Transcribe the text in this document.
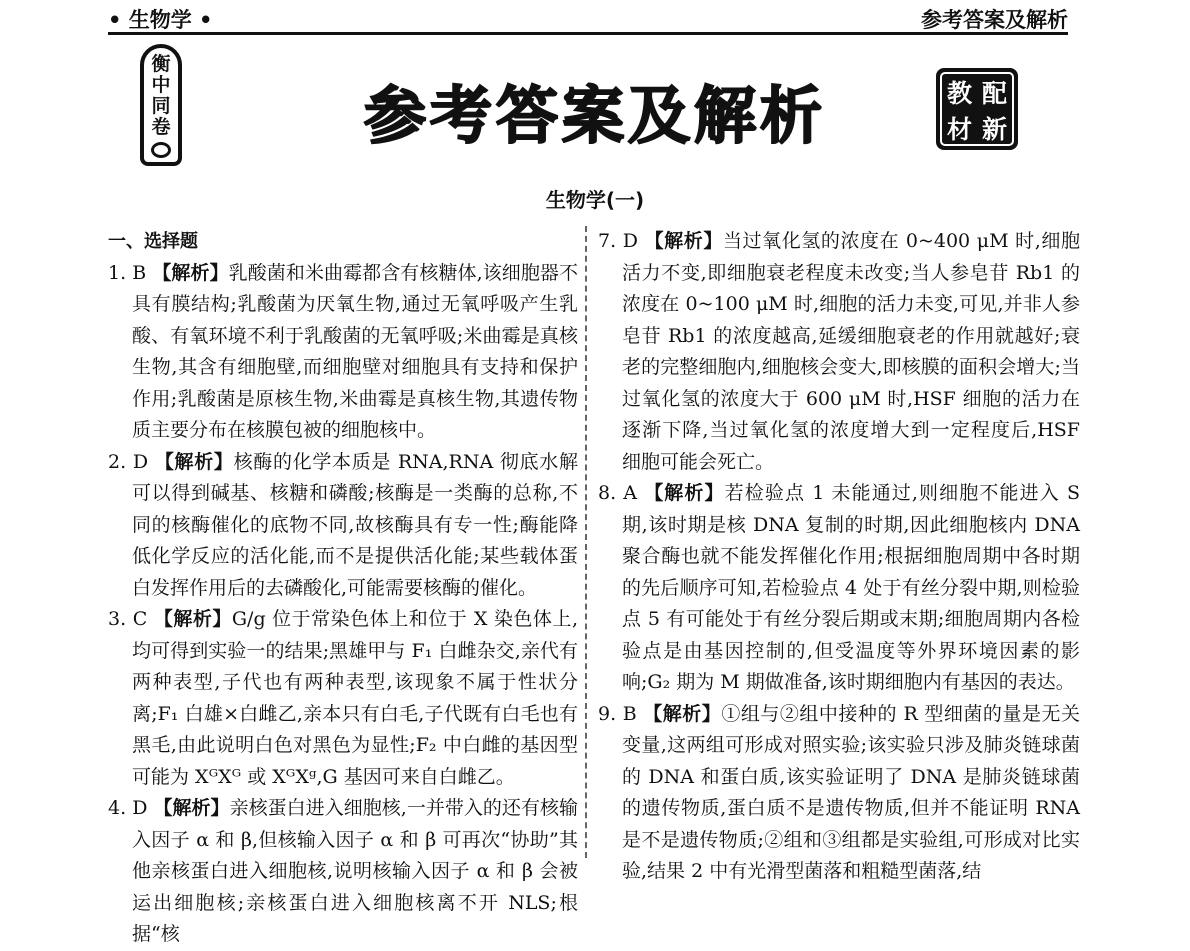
• 生物学 •	参考答案及解析
衡
中
同
卷	参考答案及解析	教 配
材 新
生物学(一)
一、选择题

1. B 【解析】乳酸菌和米曲霉都含有核糖体,该细胞器不具有膜结构;乳酸菌为厌氧生物,通过无氧呼吸产生乳酸、有氧环境不利于乳酸菌的无氧呼吸;米曲霉是真核生物,其含有细胞壁,而细胞壁对细胞具有支持和保护作用;乳酸菌是原核生物,米曲霉是真核生物,其遗传物质主要分布在核膜包被的细胞核中。

2. D 【解析】核酶的化学本质是 RNA,RNA 彻底水解可以得到碱基、核糖和磷酸;核酶是一类酶的总称,不同的核酶催化的底物不同,故核酶具有专一性;酶能降低化学反应的活化能,而不是提供活化能;某些载体蛋白发挥作用后的去磷酸化,可能需要核酶的催化。

3. C 【解析】G/g 位于常染色体上和位于 X 染色体上,均可得到实验一的结果;黑雄甲与 F₁ 白雌杂交,亲代有两种表型,子代也有两种表型,该现象不属于性状分离;F₁ 白雄×白雌乙,亲本只有白毛,子代既有白毛也有黑毛,由此说明白色对黑色为显性;F₂ 中白雌的基因型可能为 XᴳXᴳ 或 XᴳXᵍ,G 基因可来自白雌乙。

4. D 【解析】亲核蛋白进入细胞核,一并带入的还有核输入因子 α 和 β,但核输入因子 α 和 β 可再次“协助”其他亲核蛋白进入细胞核,说明核输入因子 α 和 β 会被运出细胞核;亲核蛋白进入细胞核离不开 NLS;根据“核

7. D 【解析】当过氧化氢的浓度在 0~400 μM 时,细胞活力不变,即细胞衰老程度未改变;当人参皂苷 Rb1 的浓度在 0~100 μM 时,细胞的活力未变,可见,并非人参皂苷 Rb1 的浓度越高,延缓细胞衰老的作用就越好;衰老的完整细胞内,细胞核会变大,即核膜的面积会增大;当过氧化氢的浓度大于 600 μM 时,HSF 细胞的活力在逐渐下降,当过氧化氢的浓度增大到一定程度后,HSF 细胞可能会死亡。

8. A 【解析】若检验点 1 未能通过,则细胞不能进入 S 期,该时期是核 DNA 复制的时期,因此细胞核内 DNA 聚合酶也就不能发挥催化作用;根据细胞周期中各时期的先后顺序可知,若检验点 4 处于有丝分裂中期,则检验点 5 有可能处于有丝分裂后期或末期;细胞周期内各检验点是由基因控制的,但受温度等外界环境因素的影响;G₂ 期为 M 期做准备,该时期细胞内有基因的表达。

9. B 【解析】①组与②组中接种的 R 型细菌的量是无关变量,这两组可形成对照实验;该实验只涉及肺炎链球菌的 DNA 和蛋白质,该实验证明了 DNA 是肺炎链球菌的遗传物质,蛋白质不是遗传物质,但并不能证明 RNA 是不是遗传物质;②组和③组都是实验组,可形成对比实验,结果 2 中有光滑型菌落和粗糙型菌落,结
